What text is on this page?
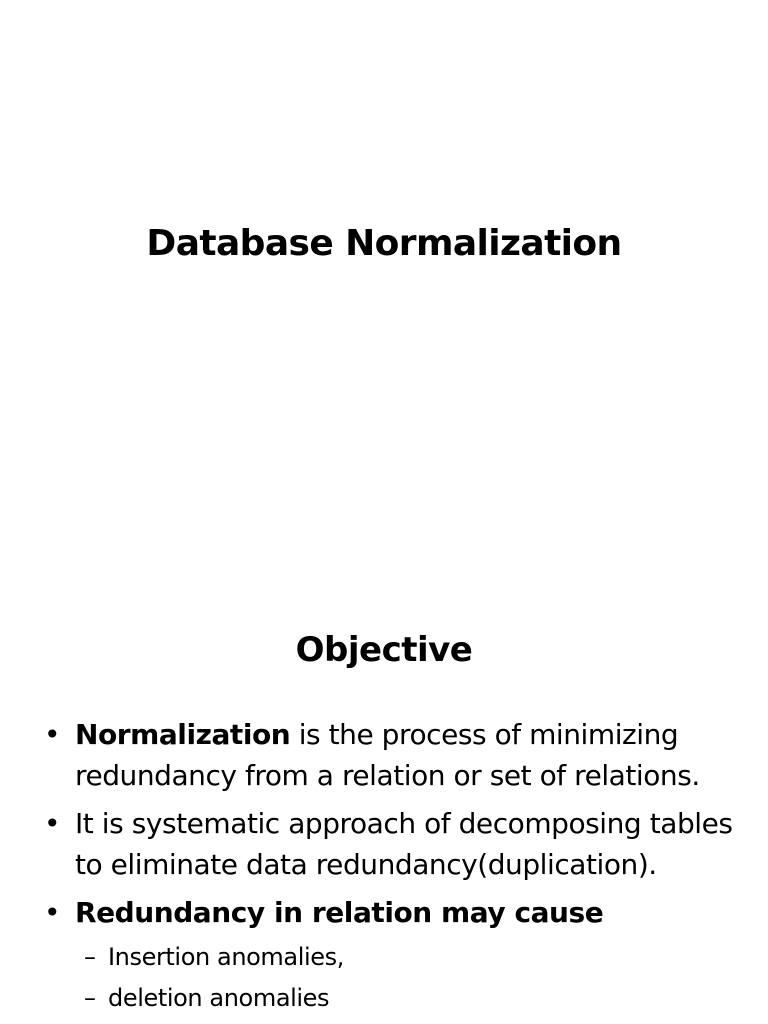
Database Normalization
Objective
• Normalization is the process of minimizing redundancy from a relation or set of relations.
• It is systematic approach of decomposing tables to eliminate data redundancy(duplication).
• Redundancy in relation may cause
– Insertion anomalies,
– deletion anomalies
